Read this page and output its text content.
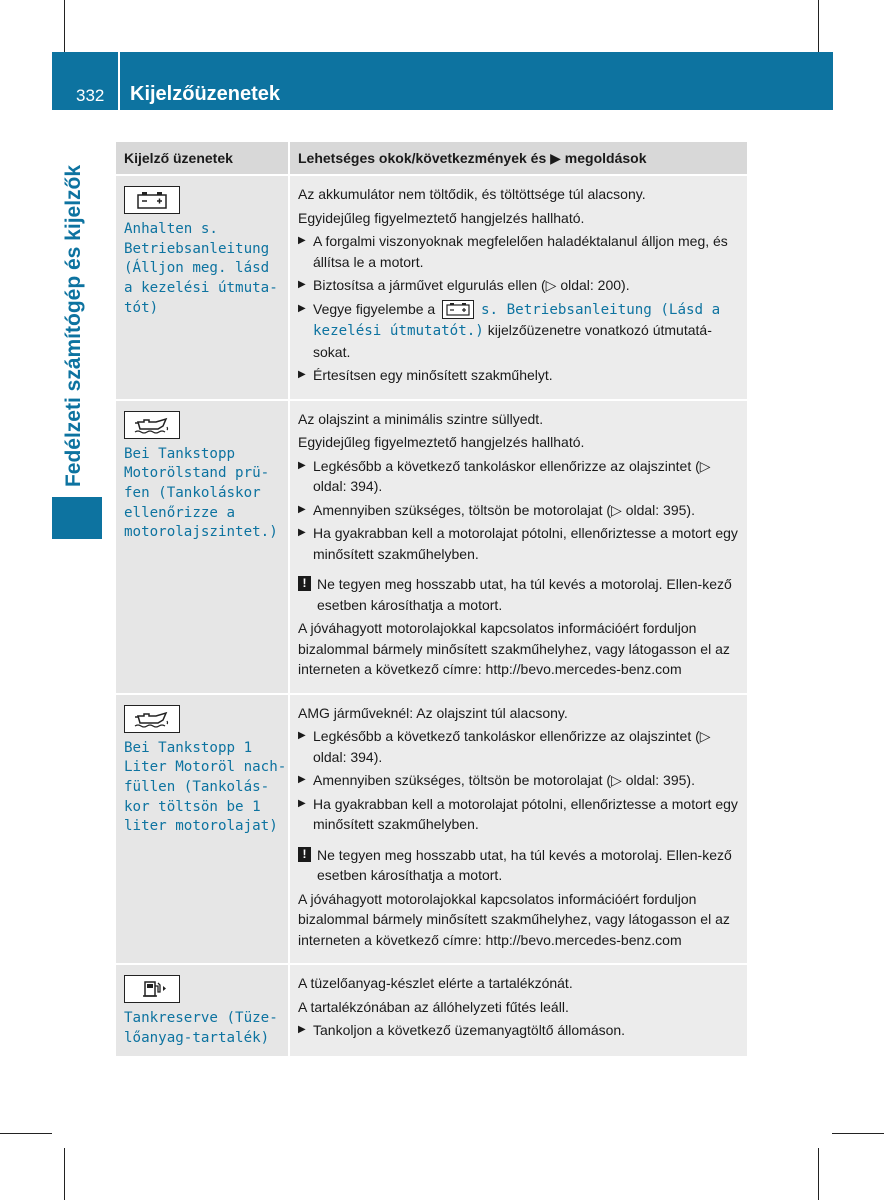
332 Kijelzőüzenetek
Fedélzeti számítógép és kijelzők
Kijelző üzenetek	Lehetséges okok/következmények és ▶ megoldások
Anhalten s.
Betriebsanleitung
(Álljon meg. lásd
a kezelési útmuta-
tót)

Az akkumulátor nem töltődik, és töltöttsége túl alacsony.

Egyidejűleg figyelmeztető hangjelzés hallható.

▶ A forgalmi viszonyoknak megfelelően haladéktalanul álljon meg, és állítsa le a motort.
▶ Biztosítsa a járművet elgurulás ellen (▷ oldal: 200).
▶ Vegye figyelembe a	s. Betriebsanleitung (Lásd a kezelési útmutatót.) kijelzőüzenetre vonatkozó útmutatá-sokat.
▶ Értesítsen egy minősített szakműhelyt.
Bei Tankstopp
Motorölstand prü-
fen (Tankoláskor
ellenőrizze a
motorolajszintet.)

Az olajszint a minimális szintre süllyedt.

Egyidejűleg figyelmeztető hangjelzés hallható.

▶ Legkésőbb a következő tankoláskor ellenőrizze az olajszintet (▷ oldal: 394).
▶ Amennyiben szükséges, töltsön be motorolajat (▷ oldal: 395).
▶ Ha gyakrabban kell a motorolajat pótolni, ellenőriztesse a motort egy minősített szakműhelyben.
! Ne tegyen meg hosszabb utat, ha túl kevés a motorolaj. Ellen-kező esetben károsíthatja a motort.

A jóváhagyott motorolajokkal kapcsolatos információért forduljon bizalommal bármely minősített szakműhelyhez, vagy látogasson el az interneten a következő címre: http://bevo.mercedes-benz.com

Bei Tankstopp 1
Liter Motoröl nach-
füllen (Tankolás-
kor töltsön be 1
liter motorolajat)

AMG járműveknél: Az olajszint túl alacsony.

▶ Legkésőbb a következő tankoláskor ellenőrizze az olajszintet (▷ oldal: 394).
▶ Amennyiben szükséges, töltsön be motorolajat (▷ oldal: 395).
▶ Ha gyakrabban kell a motorolajat pótolni, ellenőriztesse a motort egy minősített szakműhelyben.
! Ne tegyen meg hosszabb utat, ha túl kevés a motorolaj. Ellen-kező esetben károsíthatja a motort.

A jóváhagyott motorolajokkal kapcsolatos információért forduljon bizalommal bármely minősített szakműhelyhez, vagy látogasson el az interneten a következő címre: http://bevo.mercedes-benz.com

Tankreserve (Tüze-
lőanyag-tartalék)

A tüzelőanyag-készlet elérte a tartalékzónát.

A tartalékzónában az állóhelyzeti fűtés leáll.

▶ Tankoljon a következő üzemanyagtöltő állomáson.
